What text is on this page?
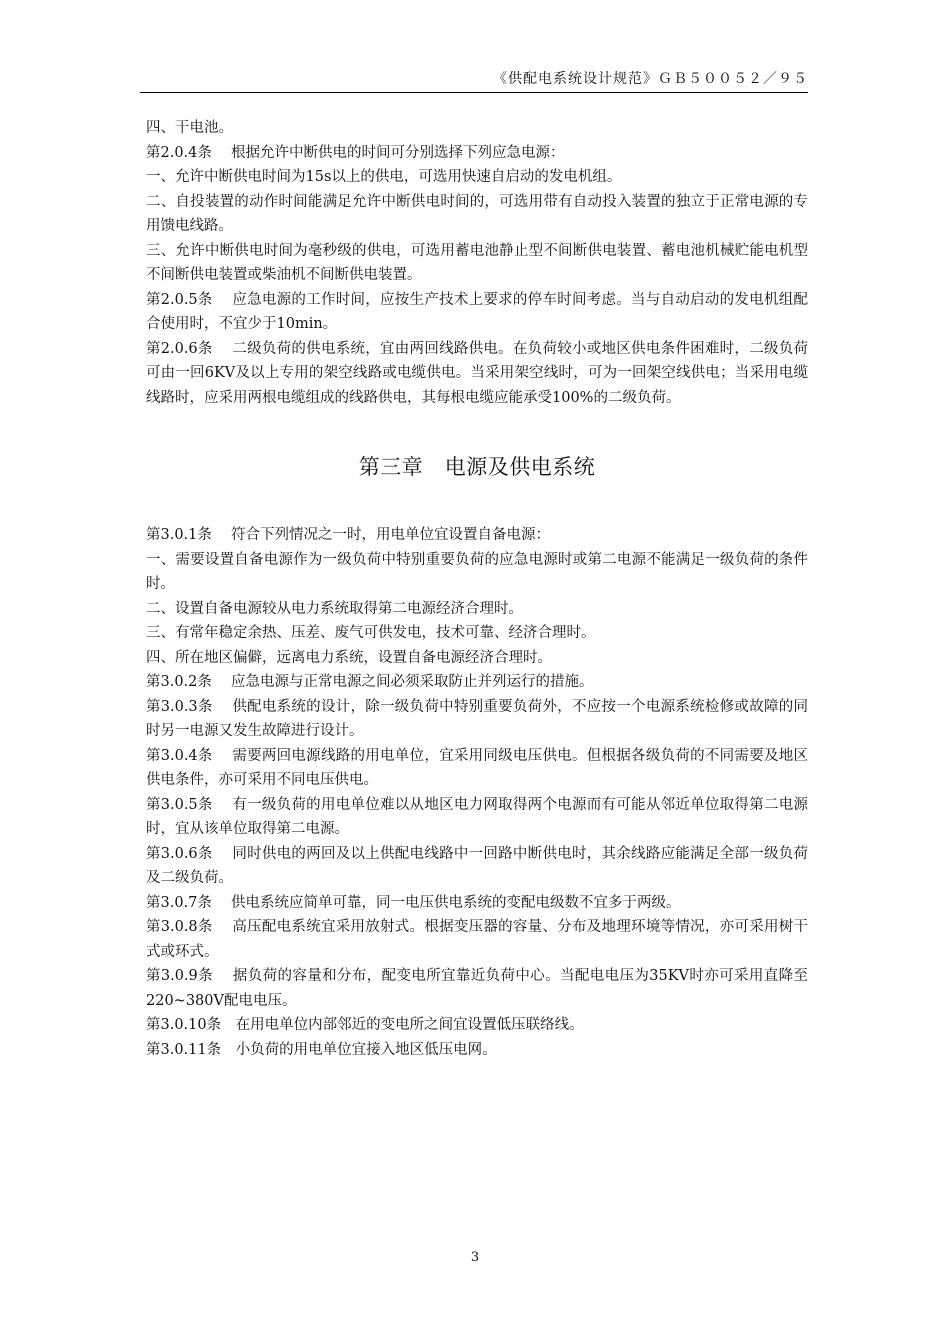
《供配电系统设计规范》ＧＢ５００５２／９５

四、干电池。

第2.0.4条　 根据允许中断供电的时间可分别选择下列应急电源：

一、允许中断供电时间为15s以上的供电，可选用快速自启动的发电机组。

二、自投装置的动作时间能满足允许中断供电时间的，可选用带有自动投入装置的独立于正常电源的专用馈电线路。

三、允许中断供电时间为毫秒级的供电，可选用蓄电池静止型不间断供电装置、蓄电池机械贮能电机型不间断供电装置或柴油机不间断供电装置。

第2.0.5条　 应急电源的工作时间，应按生产技术上要求的停车时间考虑。当与自动启动的发电机组配合使用时，不宜少于10min。

第2.0.6条　 二级负荷的供电系统，宜由两回线路供电。在负荷较小或地区供电条件困难时，二级负荷可由一回6KV及以上专用的架空线路或电缆供电。当采用架空线时，可为一回架空线供电；当采用电缆线路时，应采用两根电缆组成的线路供电，其每根电缆应能承受100%的二级负荷。

第三章　电源及供电系统

第3.0.1条　 符合下列情况之一时，用电单位宜设置自备电源：

一、需要设置自备电源作为一级负荷中特别重要负荷的应急电源时或第二电源不能满足一级负荷的条件时。

二、设置自备电源较从电力系统取得第二电源经济合理时。

三、有常年稳定余热、压差、废气可供发电，技术可靠、经济合理时。

四、所在地区偏僻，远离电力系统，设置自备电源经济合理时。

第3.0.2条　 应急电源与正常电源之间必须采取防止并列运行的措施。

第3.0.3条　 供配电系统的设计，除一级负荷中特别重要负荷外，不应按一个电源系统检修或故障的同时另一电源又发生故障进行设计。

第3.0.4条　 需要两回电源线路的用电单位，宜采用同级电压供电。但根据各级负荷的不同需要及地区供电条件，亦可采用不同电压供电。

第3.0.5条　 有一级负荷的用电单位难以从地区电力网取得两个电源而有可能从邻近单位取得第二电源时，宜从该单位取得第二电源。

第3.0.6条　 同时供电的两回及以上供配电线路中一回路中断供电时，其余线路应能满足全部一级负荷及二级负荷。

第3.0.7条　 供电系统应简单可靠，同一电压供电系统的变配电级数不宜多于两级。

第3.0.8条　 高压配电系统宜采用放射式。根据变压器的容量、分布及地理环境等情况，亦可采用树干式或环式。

第3.0.9条　 据负荷的容量和分布，配变电所宜靠近负荷中心。当配电电压为35KV时亦可采用直降至220~380V配电电压。

第3.0.10条　在用电单位内部邻近的变电所之间宜设置低压联络线。

第3.0.11条　小负荷的用电单位宜接入地区低压电网。

3
